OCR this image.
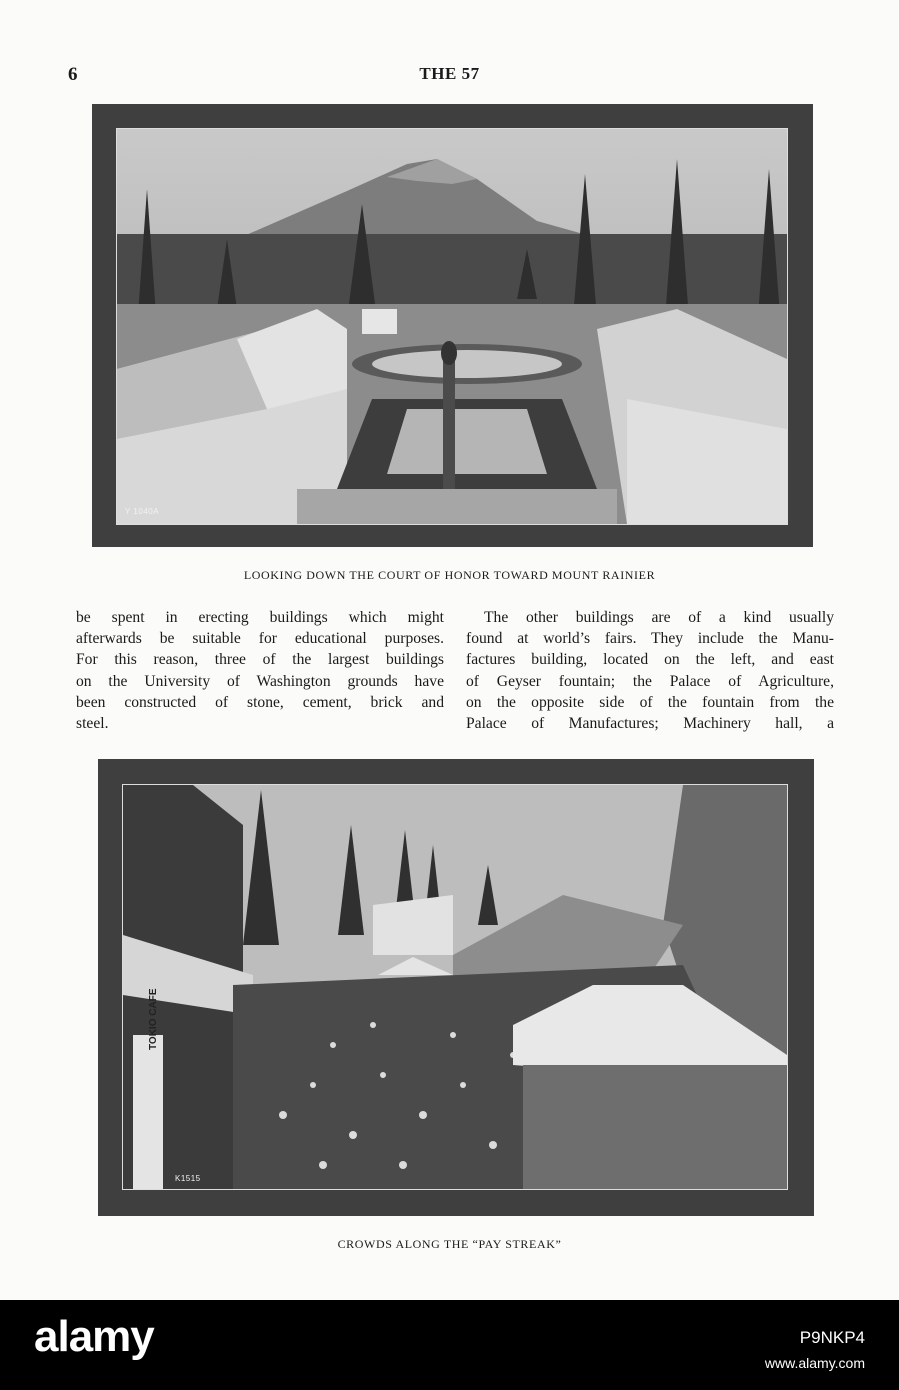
6	THE 57
Y 1040A
LOOKING DOWN THE COURT OF HONOR TOWARD MOUNT RAINIER
be spent in erecting buildings which might
afterwards be suitable for educational purposes.
For this reason, three of the largest buildings
on the University of Washington grounds have
been constructed of stone, cement, brick and
steel.
The other buildings are of a kind usually
found at world’s fairs. They include the Manu-
factures building, located on the left, and east
of Geyser fountain; the Palace of Agriculture,
on the opposite side of the fountain from the
Palace of Manufactures; Machinery hall, a
TOKIO CAFE
K1515
CROWDS ALONG THE “PAY STREAK”
alamy	P9NKP4
www.alamy.com
